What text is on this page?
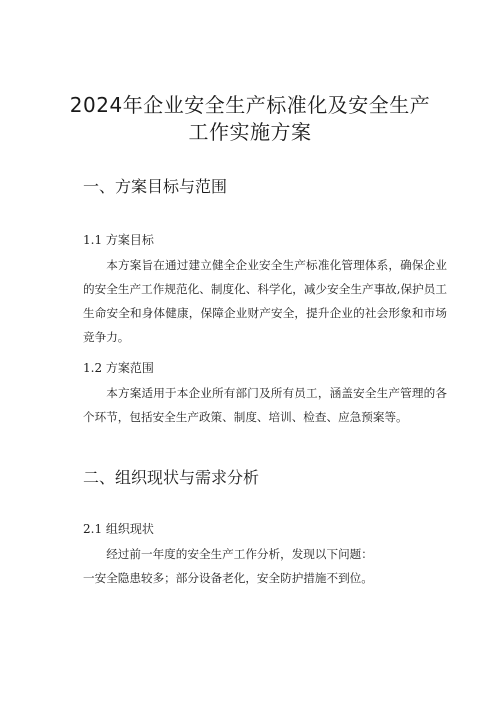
2024年企业安全生产标准化及安全生产
工作实施方案
一、方案目标与范围
1.1 方案目标

本方案旨在通过建立健全企业安全生产标准化管理体系，确保企业的安全生产工作规范化、制度化、科学化，减少安全生产事故,保护员工生命安全和身体健康，保障企业财产安全，提升企业的社会形象和市场竞争力。

1.2 方案范围

本方案适用于本企业所有部门及所有员工，涵盖安全生产管理的各个环节，包括安全生产政策、制度、培训、检查、应急预案等。

二、组织现状与需求分析
2.1 组织现状

经过前一年度的安全生产工作分析，发现以下问题：

一安全隐患较多；部分设备老化，安全防护措施不到位。
